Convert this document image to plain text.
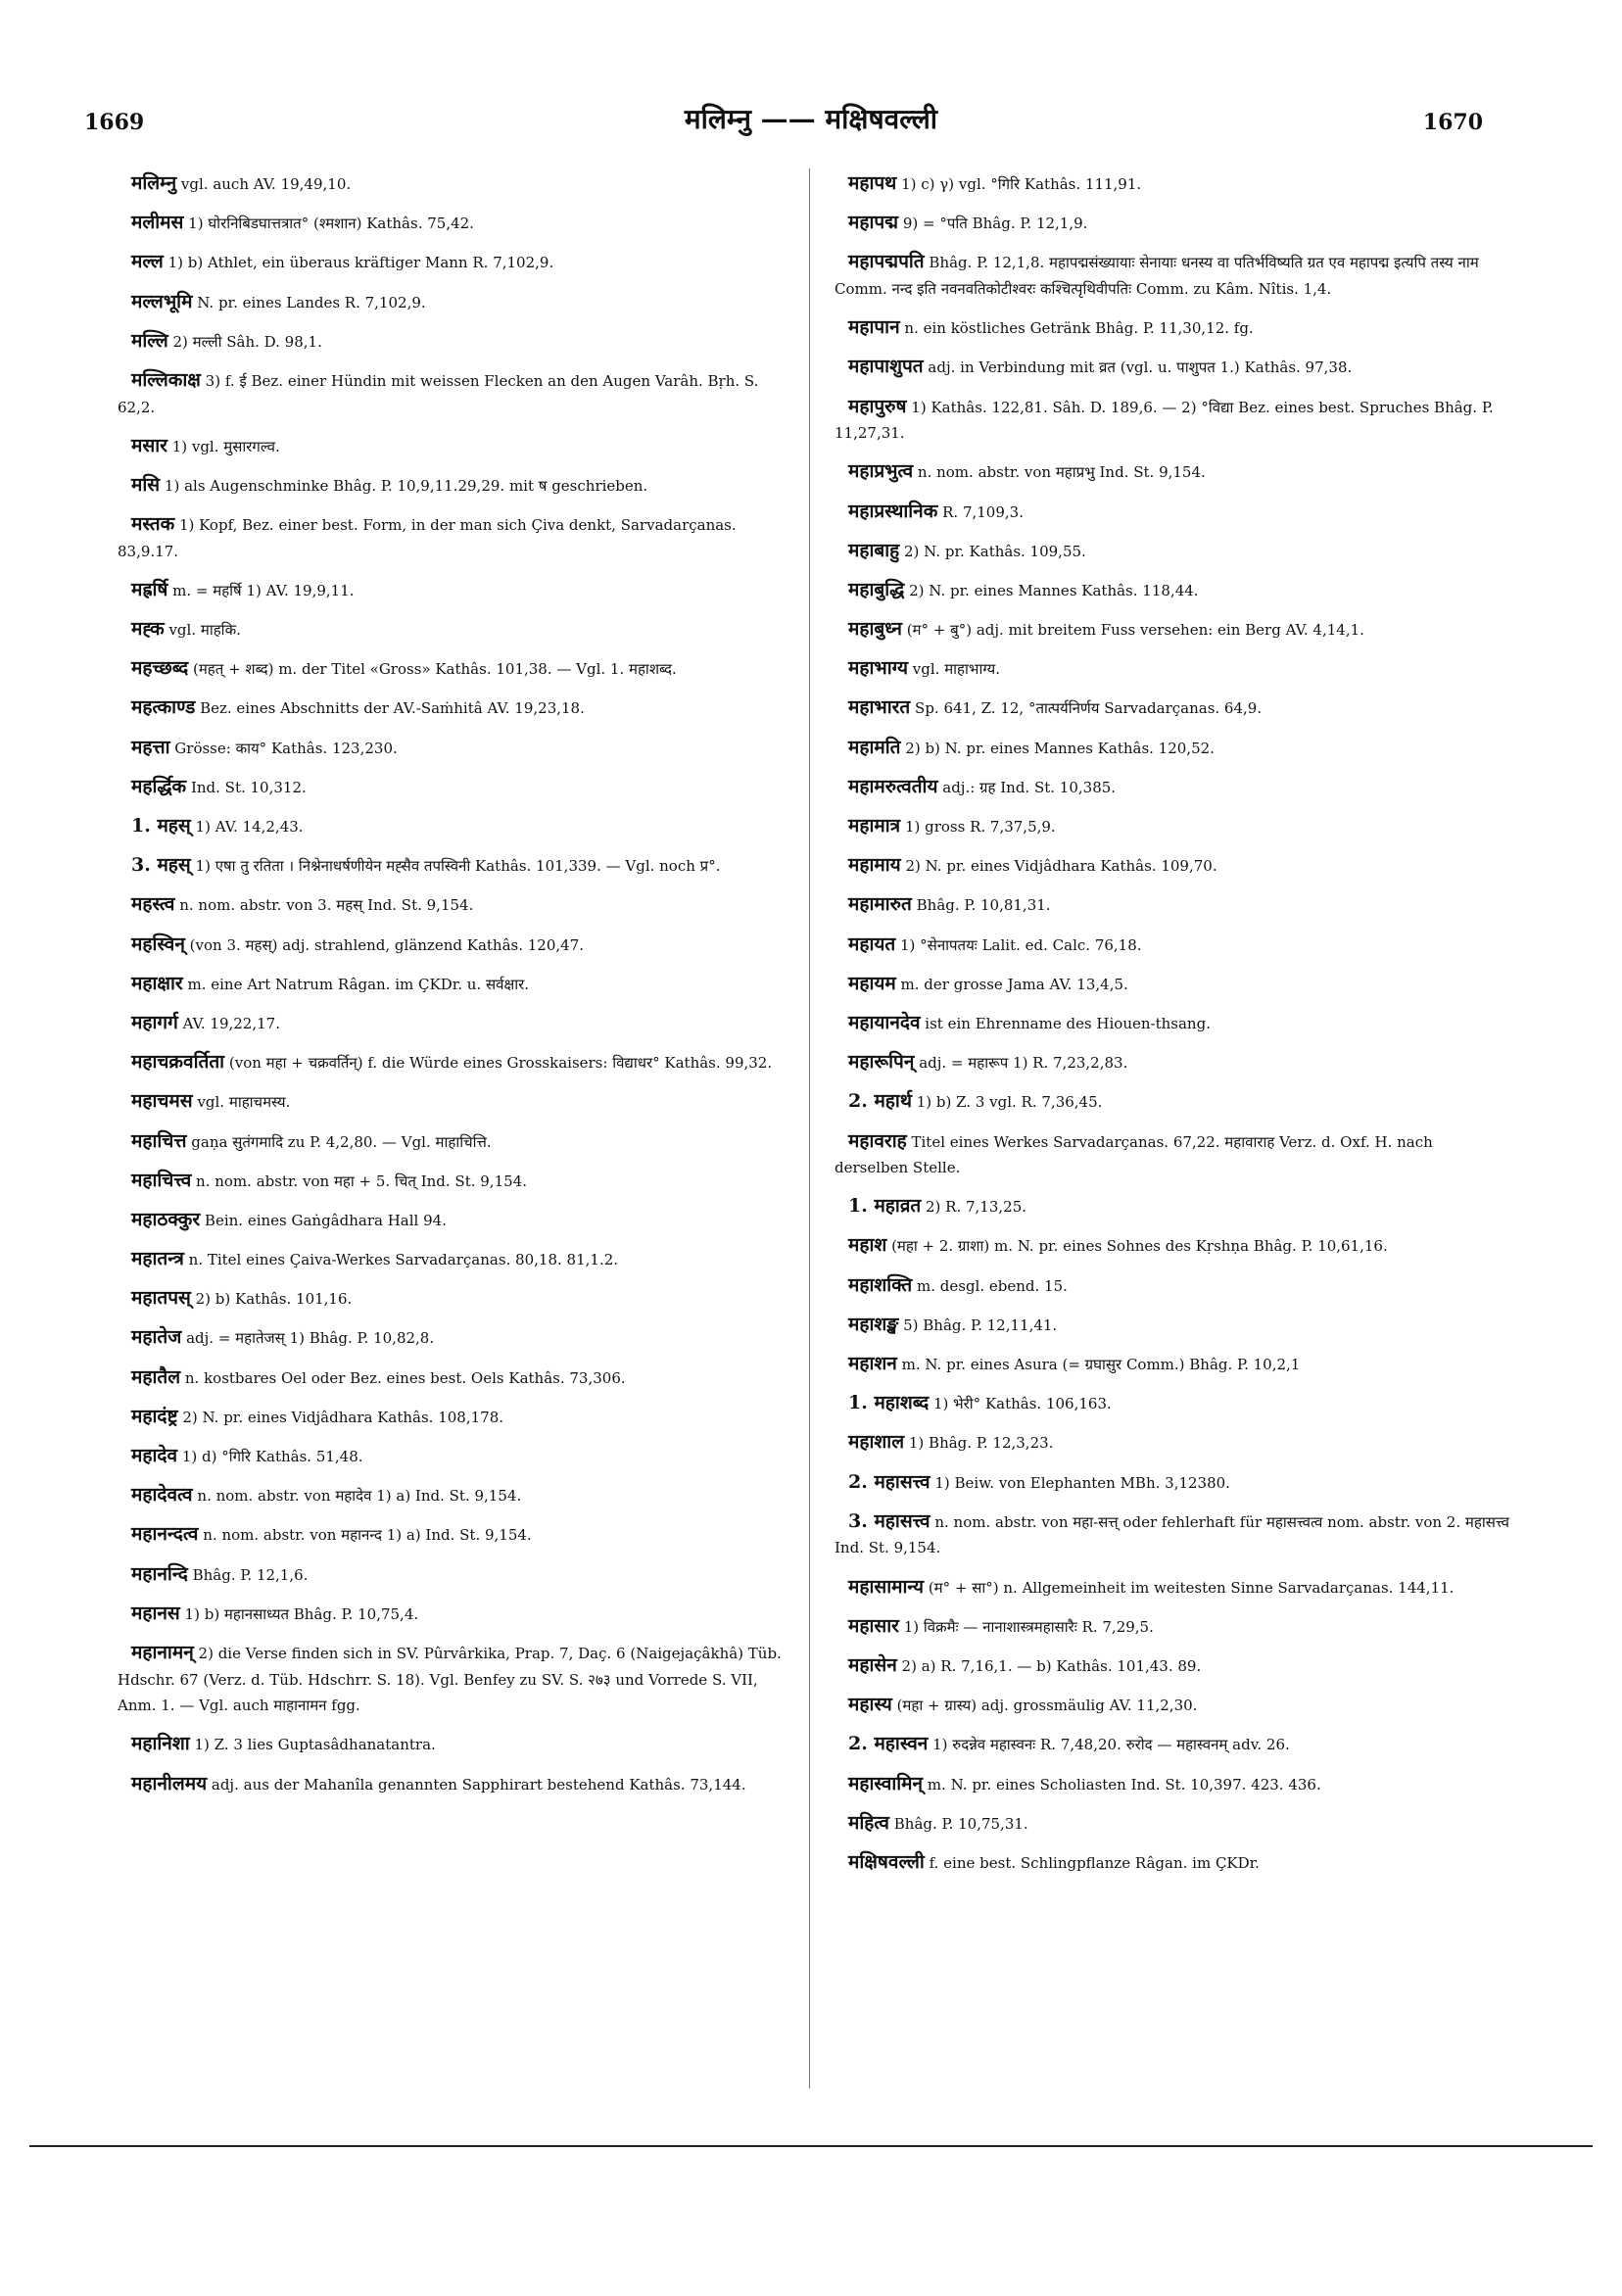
1669	मलिम्नु —— मक्षिषवल्ली	1670

मलिम्नु vgl. auch AV. 19,49,10.

मलीमस 1) घोरनिबिडघात्तत्रात° (श्मशान) Kathâs. 75,42.

मल्ल 1) b) Athlet, ein überaus kräftiger Mann R. 7,102,9.

मल्लभूमि N. pr. eines Landes R. 7,102,9.

मल्लि 2) मल्ली Sâh. D. 98,1.

मल्लिकाक्ष 3) f. ई Bez. einer Hündin mit weissen Flecken an den Augen Varâh. Bṛh. S. 62,2.

मसार 1) vgl. मुसारगल्व.

मसि 1) als Augenschminke Bhâg. P. 10,9,11.29,29. mit ष geschrieben.

मस्तक 1) Kopf, Bez. einer best. Form, in der man sich Çiva denkt, Sarvadarçanas. 83,9.17.

मह्रर्षि m. = महर्षि 1) AV. 19,9,11.

मह्क vgl. माहकि.

महच्छब्द (महत् + शब्द) m. der Titel «Gross» Kathâs. 101,38. — Vgl. 1. महाशब्द.

महत्काण्ड Bez. eines Abschnitts der AV.-Saṁhitâ AV. 19,23,18.

महत्ता Grösse: काय° Kathâs. 123,230.

महर्द्धिक Ind. St. 10,312.

1. महस् 1) AV. 14,2,43.

3. महस् 1) एषा तु रतिता । निश्नेनाधर्षणीयेन मह्सैव तपस्विनी Kathâs. 101,339. — Vgl. noch प्र°.

महस्त्व n. nom. abstr. von 3. महस् Ind. St. 9,154.

महस्विन् (von 3. महस्) adj. strahlend, glänzend Kathâs. 120,47.

महाक्षार m. eine Art Natrum Râgan. im ÇKDr. u. सर्वक्षार.

महागर्ग AV. 19,22,17.

महाचक्रवर्तिता (von महा + चक्रवर्तिन्) f. die Würde eines Grosskaisers: विद्याधर° Kathâs. 99,32.

महाचमस vgl. माहाचमस्य.

महाचित्त gaṇa सुतंगमादि zu P. 4,2,80. — Vgl. माहाचित्ति.

महाचित्त्व n. nom. abstr. von महा + 5. चित् Ind. St. 9,154.

महाठक्कुर Bein. eines Gaṅgâdhara Hall 94.

महातन्त्र n. Titel eines Çaiva-Werkes Sarvadarçanas. 80,18. 81,1.2.

महातपस् 2) b) Kathâs. 101,16.

महातेज adj. = महातेजस् 1) Bhâg. P. 10,82,8.

महातैल n. kostbares Oel oder Bez. eines best. Oels Kathâs. 73,306.

महादंष्ट्र 2) N. pr. eines Vidjâdhara Kathâs. 108,178.

महादेव 1) d) °गिरि Kathâs. 51,48.

महादेवत्व n. nom. abstr. von महादेव 1) a) Ind. St. 9,154.

महानन्दत्व n. nom. abstr. von महानन्द 1) a) Ind. St. 9,154.

महानन्दि Bhâg. P. 12,1,6.

महानस 1) b) महानसाध्यत Bhâg. P. 10,75,4.

महानामन् 2) die Verse finden sich in SV. Pûrvârkika, Prap. 7, Daç. 6 (Naigejaçâkhâ) Tüb. Hdschr. 67 (Verz. d. Tüb. Hdschrr. S. 18). Vgl. Benfey zu SV. S. २७३ und Vorrede S. VII, Anm. 1. — Vgl. auch माहानामन fgg.

महानिशा 1) Z. 3 lies Guptasâdhanatantra.

महानीलमय adj. aus der Mahanîla genannten Sapphirart bestehend Kathâs. 73,144.

महापथ 1) c) γ) vgl. °गिरि Kathâs. 111,91.

महापद्म 9) = °पति Bhâg. P. 12,1,9.

महापद्मपति Bhâg. P. 12,1,8. महापद्मसंख्यायाः सेनायाः धनस्य वा पतिर्भविष्यति ग्रत एव महापद्म इत्यपि तस्य नाम Comm. नन्द इति नवनवतिकोटीश्वरः कश्चित्पृथिवीपतिः Comm. zu Kâm. Nîtis. 1,4.

महापान n. ein köstliches Getränk Bhâg. P. 11,30,12. fg.

महापाशुपत adj. in Verbindung mit व्रत (vgl. u. पाशुपत 1.) Kathâs. 97,38.

महापुरुष 1) Kathâs. 122,81. Sâh. D. 189,6. — 2) °विद्या Bez. eines best. Spruches Bhâg. P. 11,27,31.

महाप्रभुत्व n. nom. abstr. von महाप्रभु Ind. St. 9,154.

महाप्रस्थानिक R. 7,109,3.

महाबाहु 2) N. pr. Kathâs. 109,55.

महाबुद्धि 2) N. pr. eines Mannes Kathâs. 118,44.

महाबुध्न (म° + बु°) adj. mit breitem Fuss versehen: ein Berg AV. 4,14,1.

महाभाग्य vgl. माहाभाग्य.

महाभारत Sp. 641, Z. 12, °तात्पर्यनिर्णय Sarvadarçanas. 64,9.

महामति 2) b) N. pr. eines Mannes Kathâs. 120,52.

महामरुत्वतीय adj.: ग्रह Ind. St. 10,385.

महामात्र 1) gross R. 7,37,5,9.

महामाय 2) N. pr. eines Vidjâdhara Kathâs. 109,70.

महामारुत Bhâg. P. 10,81,31.

महायत 1) °सेनापतयः Lalit. ed. Calc. 76,18.

महायम m. der grosse Jama AV. 13,4,5.

महायानदेव ist ein Ehrenname des Hiouen-thsang.

महारूपिन् adj. = महारूप 1) R. 7,23,2,83.

2. महार्थ 1) b) Z. 3 vgl. R. 7,36,45.

महावराह Titel eines Werkes Sarvadarçanas. 67,22. महावाराह Verz. d. Oxf. H. nach derselben Stelle.

1. महाव्रत 2) R. 7,13,25.

महाश (महा + 2. ग्राशा) m. N. pr. eines Sohnes des Kṛshṇa Bhâg. P. 10,61,16.

महाशक्ति m. desgl. ebend. 15.

महाशङ्ख 5) Bhâg. P. 12,11,41.

महाशन m. N. pr. eines Asura (= ग्रघासुर Comm.) Bhâg. P. 10,2,1

1. महाशब्द 1) भेरी° Kathâs. 106,163.

महाशाल 1) Bhâg. P. 12,3,23.

2. महासत्त्व 1) Beiw. von Elephanten MBh. 3,12380.

3. महासत्त्व n. nom. abstr. von महा-सत्त् oder fehlerhaft für महासत्त्वत्व nom. abstr. von 2. महासत्त्व Ind. St. 9,154.

महासामान्य (म° + सा°) n. Allgemeinheit im weitesten Sinne Sarvadarçanas. 144,11.

महासार 1) विक्रमैः — नानाशास्त्रमहासारैः R. 7,29,5.

महासेन 2) a) R. 7,16,1. — b) Kathâs. 101,43. 89.

महास्य (महा + ग्रास्य) adj. grossmäulig AV. 11,2,30.

2. महास्वन 1) रुदन्नेव महास्वनः R. 7,48,20. रुरोद — महास्वनम् adv. 26.

महास्वामिन् m. N. pr. eines Scholiasten Ind. St. 10,397. 423. 436.

महित्व Bhâg. P. 10,75,31.

मक्षिषवल्ली f. eine best. Schlingpflanze Râgan. im ÇKDr.
